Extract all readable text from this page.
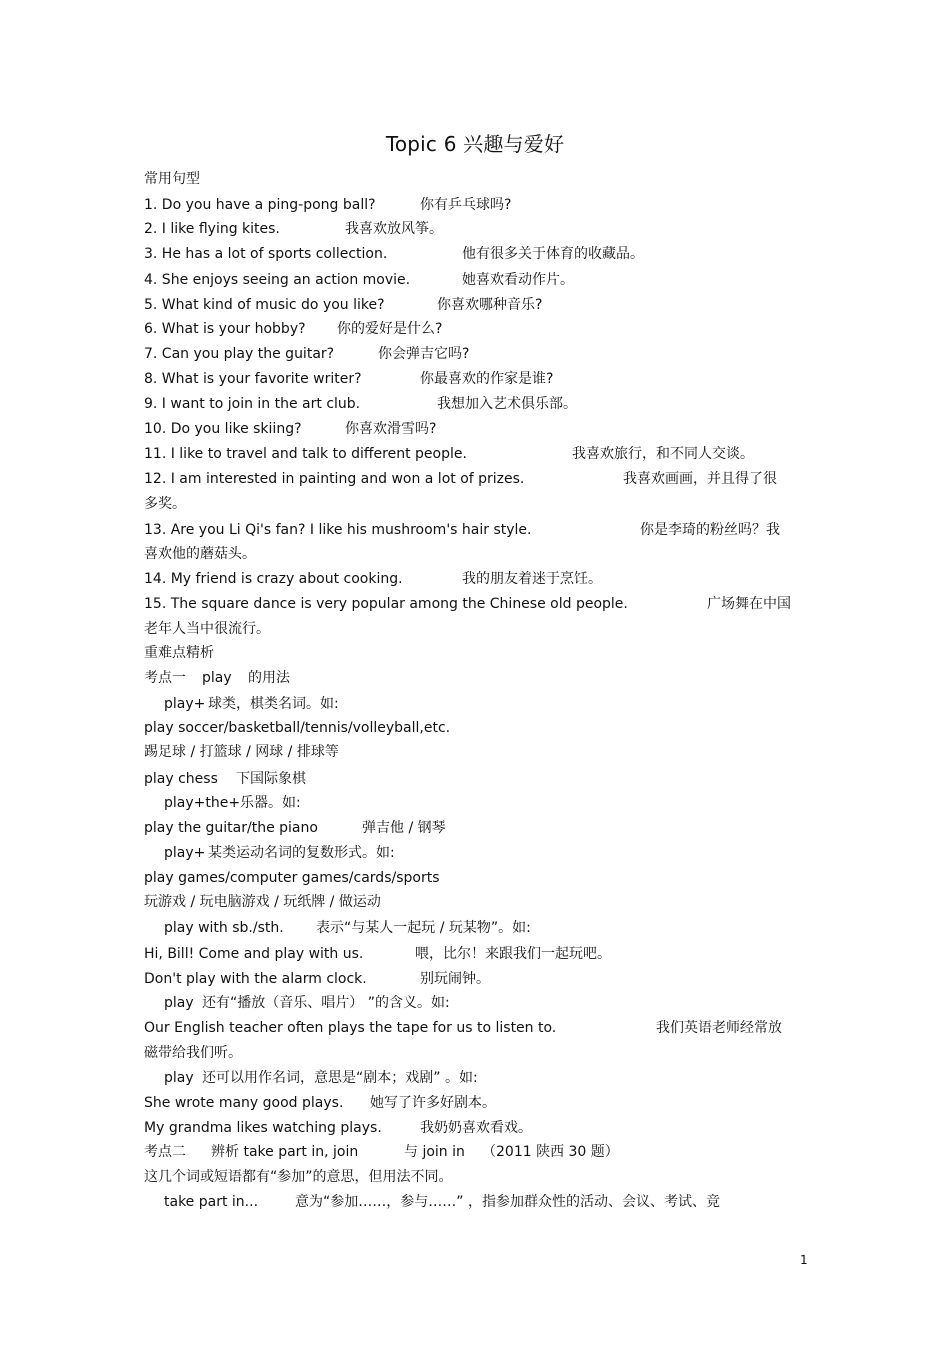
Topic 6 兴趣与爱好
常用句型
1. Do you have a ping-pong ball?	你有乒乓球吗?
2. I like flying kites.	我喜欢放风筝。
3. He has a lot of sports collection.	他有很多关于体育的收藏品。
4. She enjoys seeing an action movie.	她喜欢看动作片。
5. What kind of music do you like?	你喜欢哪种音乐?
6. What is your hobby? 你的爱好是什么?
7. Can you play the guitar?	你会弹吉它吗?
8. What is your favorite writer?	你最喜欢的作家是谁?
9. I want to join in the art club.	我想加入艺术俱乐部。
10. Do you like skiing?	你喜欢滑雪吗?
11. I like to travel and talk to different people.	我喜欢旅行，和不同人交谈。
12. I am interested in painting and won a lot of prizes.	我喜欢画画，并且得了很
多奖。
13. Are you Li Qi's fan? I like his mushroom's hair style.	你是李琦的粉丝吗？我
喜欢他的蘑菇头。
14. My friend is crazy about cooking.	我的朋友着迷于烹饪。
15. The square dance is very popular among the Chinese old people.	广场舞在中国
老年人当中很流行。
重难点精析
考点一 play 的用法
play+ 球类，棋类名词。如:
play soccer/basketball/tennis/volleyball,etc.
踢足球 / 打篮球 / 网球 / 排球等
play chess 下国际象棋
play+the+ 乐器。如:
play the guitar/the piano	弹吉他 / 钢琴
play+ 某类运动名词的复数形式。如:
play games/computer games/cards/sports
玩游戏 / 玩电脑游戏 / 玩纸牌 / 做运动
play with sb./sth. 表示“与某人一起玩 / 玩某物”。如:
Hi, Bill! Come and play with us.	喂，比尔！来跟我们一起玩吧。
Don't play with the alarm clock.	别玩闹钟。
play 还有“播放（音乐、唱片） ”的含义。如:
Our English teacher often plays the tape for us to listen to.	我们英语老师经常放
磁带给我们听。
play 还可以用作名词，意思是“剧本；戏剧” 。如:
She wrote many good plays. 她写了许多好剧本。
My grandma likes watching plays.	我奶奶喜欢看戏。
考点二 辨析 take part in, join	与 join in （2011 陕西 30 题）
这几个词或短语都有“参加”的意思，但用法不同。
take part in...	意为“参加……，参与……” ，指参加群众性的活动、会议、考试、竞
1
